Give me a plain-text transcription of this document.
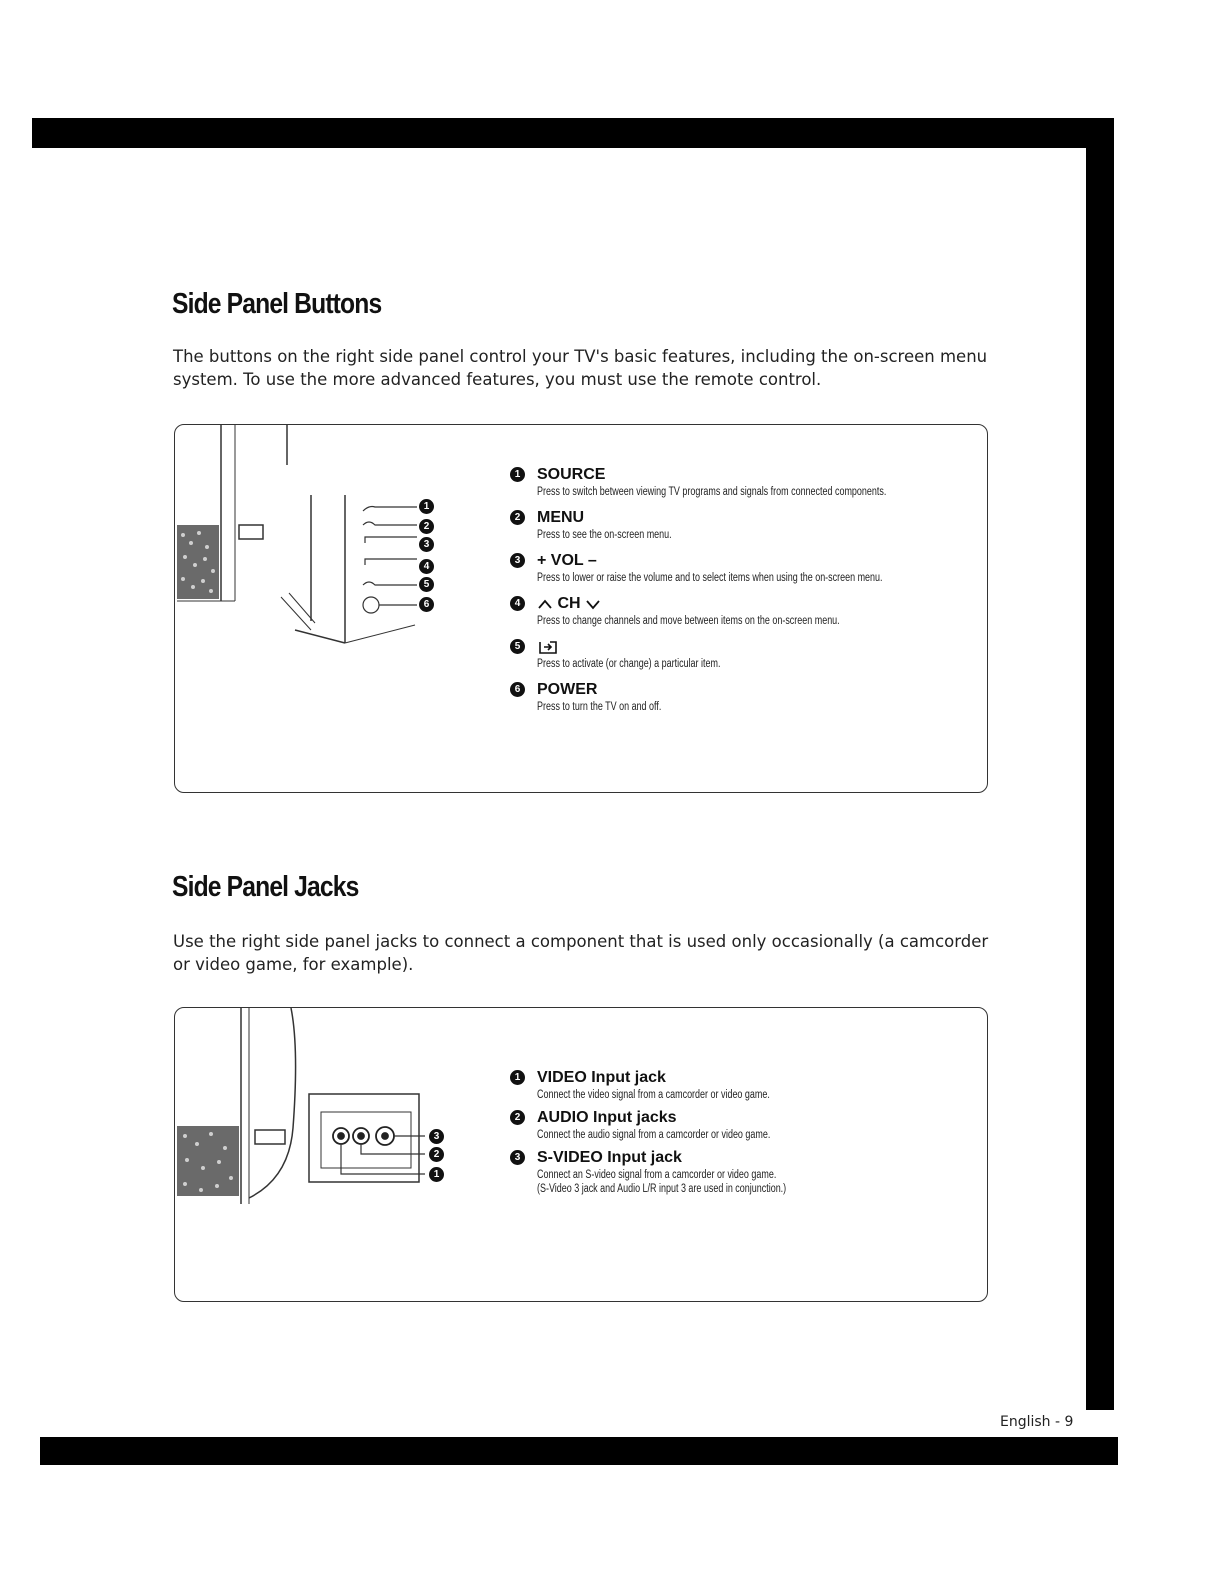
Side Panel Buttons

The buttons on the right side panel control your TV's basic features, including the on-screen menu system. To use the more advanced features, you must use the remote control.

1
2
3
4
5
6
1 SOURCE
Press to switch between viewing TV programs and signals from connected components.
2 MENU
Press to see the on-screen menu.
3 + VOL –
Press to lower or raise the volume and to select items when using the on-screen menu.
4	CH
Press to change channels and move between items on the on-screen menu.
5
Press to activate (or change) a particular item.
6 POWER
Press to turn the TV on and off.
Side Panel Jacks

Use the right side panel jacks to connect a component that is used only occasionally (a camcorder or video game, for example).

3
2
1
1 VIDEO Input jack
Connect the video signal from a camcorder or video game.
2 AUDIO Input jacks
Connect the audio signal from a camcorder or video game.
3 S-VIDEO Input jack
Connect an S-video signal from a camcorder or video game.
(S-Video 3 jack and Audio L/R input 3 are used in conjunction.)
English - 9
